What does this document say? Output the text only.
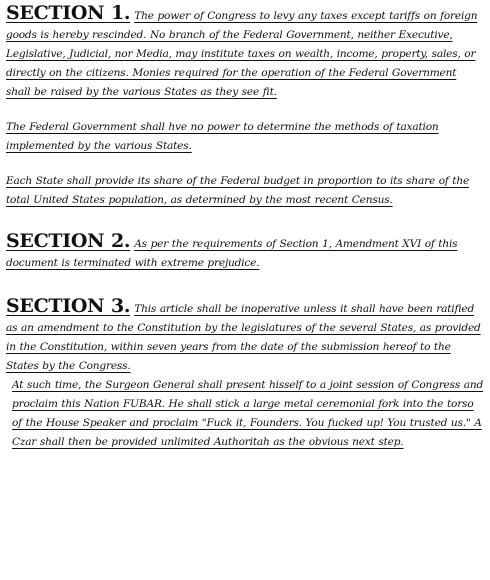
SECTION 1. The power of Congress to levy any taxes except tariffs on foreign goods is hereby rescinded. No branch of the Federal Government, neither Executive, Legislative, Judicial, nor Media, may institute taxes on wealth, income, property, sales, or directly on the citizens. Monies required for the operation of the Federal Government shall be raised by the various States as they see fit.

The Federal Government shall hve no power to determine the methods of taxation implemented by the various States.

Each State shall provide its share of the Federal budget in proportion to its share of the total United States population, as determined by the most recent Census.

SECTION 2. As per the requirements of Section 1, Amendment XVI of this document is terminated with extreme prejudice.

SECTION 3. This article shall be inoperative unless it shall have been ratified as an amendment to the Constitution by the legislatures of the several States, as provided in the Constitution, within seven years from the date of the submission hereof to the States by the Congress.

At such time, the Surgeon General shall present hisself to a joint session of Congress and proclaim this Nation FUBAR. He shall stick a large metal ceremonial fork into the torso of the House Speaker and proclaim "Fuck it, Founders. You fucked up! You trusted us." A Czar shall then be provided unlimited Authoritah as the obvious next step.
